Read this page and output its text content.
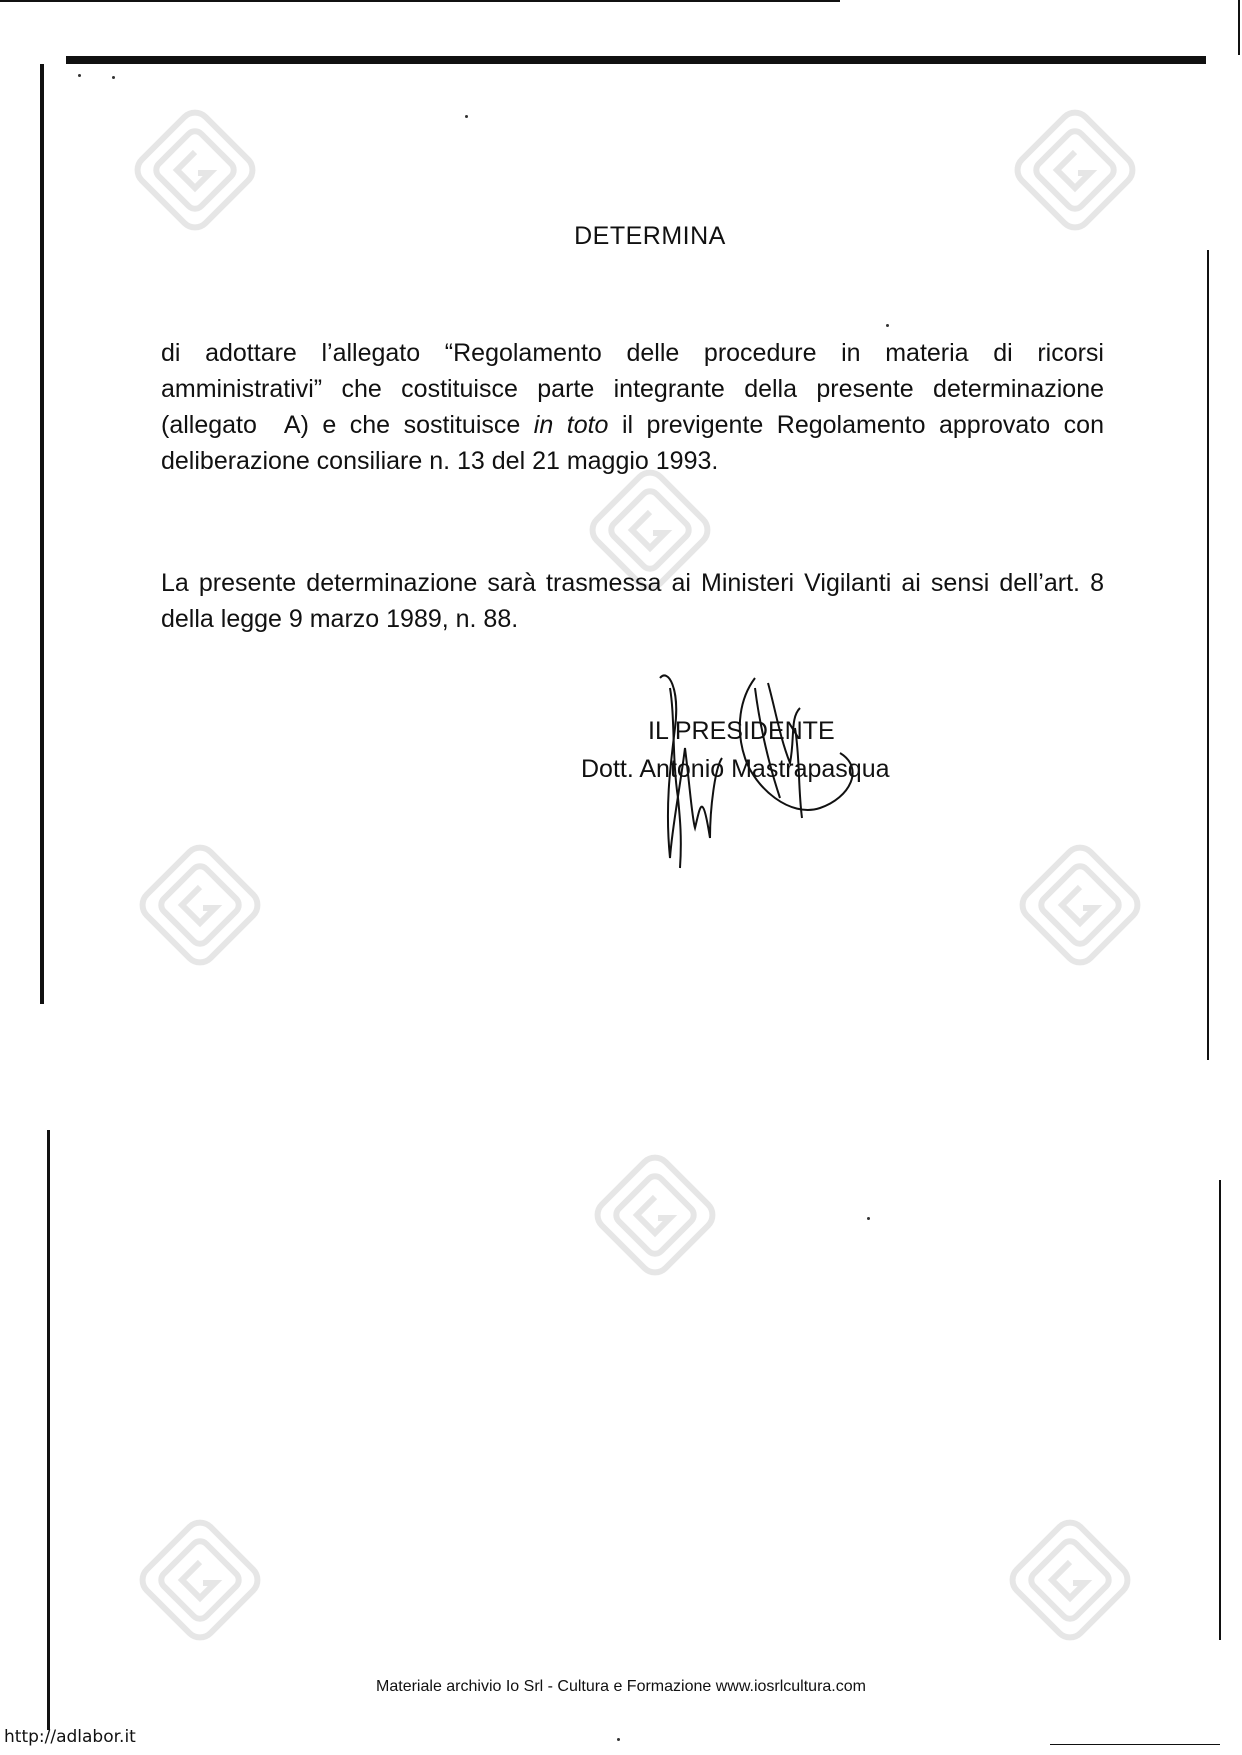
DETERMINA

di adottare l’allegato “Regolamento delle procedure in materia di ricorsi amministrativi” che costituisce parte integrante della presente determinazione (allegato  A) e che sostituisce in toto il previgente Regolamento approvato con deliberazione consiliare n. 13 del 21 maggio 1993.

La presente determinazione sarà trasmessa ai Ministeri Vigilanti ai sensi dell’art. 8 della legge 9 marzo 1989, n. 88.

IL PRESIDENTE
Dott. Antonio Mastrapasqua
Materiale archivio Io Srl - Cultura e Formazione www.iosrlcultura.com
http://adlabor.it
